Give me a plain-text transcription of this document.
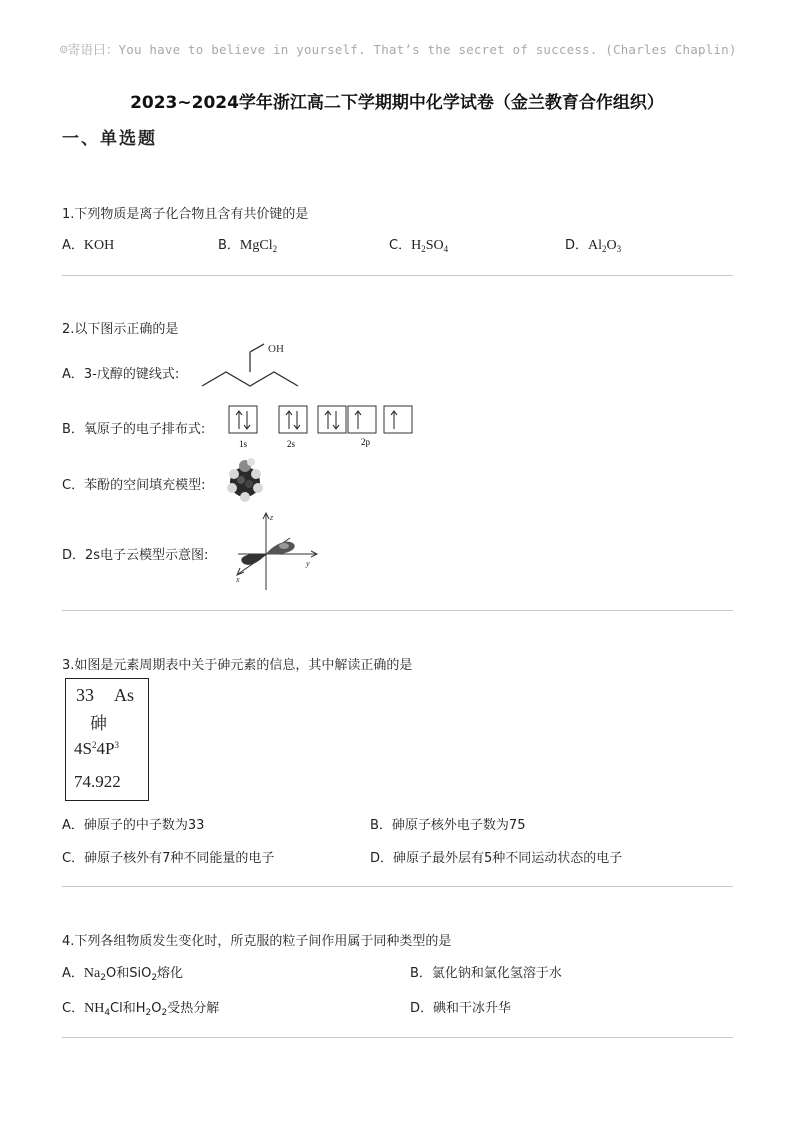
☺寄语曰：You have to believe in yourself. That’s the secret of success. (Charles Chaplin)
2023~2024学年浙江高二下学期期中化学试卷（金兰教育合作组织）
一、单选题
1.下列物质是离子化合物且含有共价键的是
A．KOH	B．MgCl$_2$	C．$H_2SO_4$	D．$Al_2O_3$
2.以下图示正确的是
A．3-戊醇的键线式:
OH
B．氧原子的电子排布式:
1s	2s	2p
C．苯酚的空间填充模型:
D．2s电子云模型示意图:
z
y
x
3.如图是元素周期表中关于砷元素的信息，其中解读正确的是
33 As
砷
$4S^24P^3$
74.922
A．砷原子的中子数为33	B．砷原子核外电子数为75
C．砷原子核外有7种不同能量的电子	D．砷原子最外层有5种不同运动状态的电子
4.下列各组物质发生变化时，所克服的粒子间作用属于同种类型的是
A．$Na_2O$和SiO$_2$熔化	B．氯化钠和氯化氢溶于水
C．$NH_4Cl$和$H_2O_2$受热分解	D．碘和干冰升华
